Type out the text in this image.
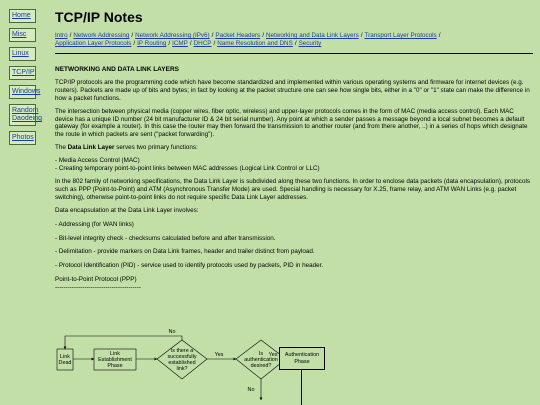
Home
Misc
Linux
TCP/IP
Windows
Random Daodeing
Photos
TCP/IP Notes
Intro / Network Addressing / Network Addressing (IPv6) / Packet Headers / Networking and Data Link Layers / Transport Layer Protocols /
Application Layer Protocols / IP Routing / ICMP / DHCP / Name Resolution and DNS / Security
NETWORKING AND DATA LINK LAYERS
TCP/IP protocols are the programming code which have become standardized and implemented within various operating systems and firmware for internet devices (e.g. routers). Packets are made up of bits and bytes; in fact by looking at the packet structure one can see how single bits, either in a "0" or "1" state can make the difference in how a packet functions.
The intersection between physical media (copper wires, fiber optic, wireless) and upper-layer protocols comes in the form of MAC (media access control). Each MAC device has a unique ID number (24 bit manufacturer ID & 24 bit serial number). Any point at which a sender passes a message beyond a local subnet becomes a default gateway (for example a router). In this case the router may then forward the transmission to another router (and from there another, ..) in a series of hops which designate the route in which packets are sent ("packet forwarding").
The Data Link Layer serves two primary functions:
- Media Access Control (MAC)
- Creating temporary point-to-point links between MAC addresses (Logical Link Control or LLC)
In the 802 family of networking specifications, the Data Link Layer is subdivided along these two functions. In order to enclose data packets (data encapsulation), protocols such as PPP (Point-to-Point) and ATM (Asynchronous Transfer Mode) are used. Special handling is necessary for X.25, frame relay, and ATM WAN Links (e.g. packet switching), otherwise point-to-point links do not require specific Data Link Layer addresses.
Data encapsulation at the Data Link Layer involves:
- Addressing (for WAN links)
- Bit-level integrity check - checksums calculated before and after transmission.
- Delimitation - provide markers on Data Link frames, header and trailer distinct from payload.
- Protocol Identification (PID) - service used to identify protocols used by packets, PID in header.
Point-to-Point Protocol (PPP)
-----------------------------------------
No
Link Dead
Link Establishment Phase
Is there a successfully established link?
Yes	Is authentication desired?
Yes
No
Authentication Phase
